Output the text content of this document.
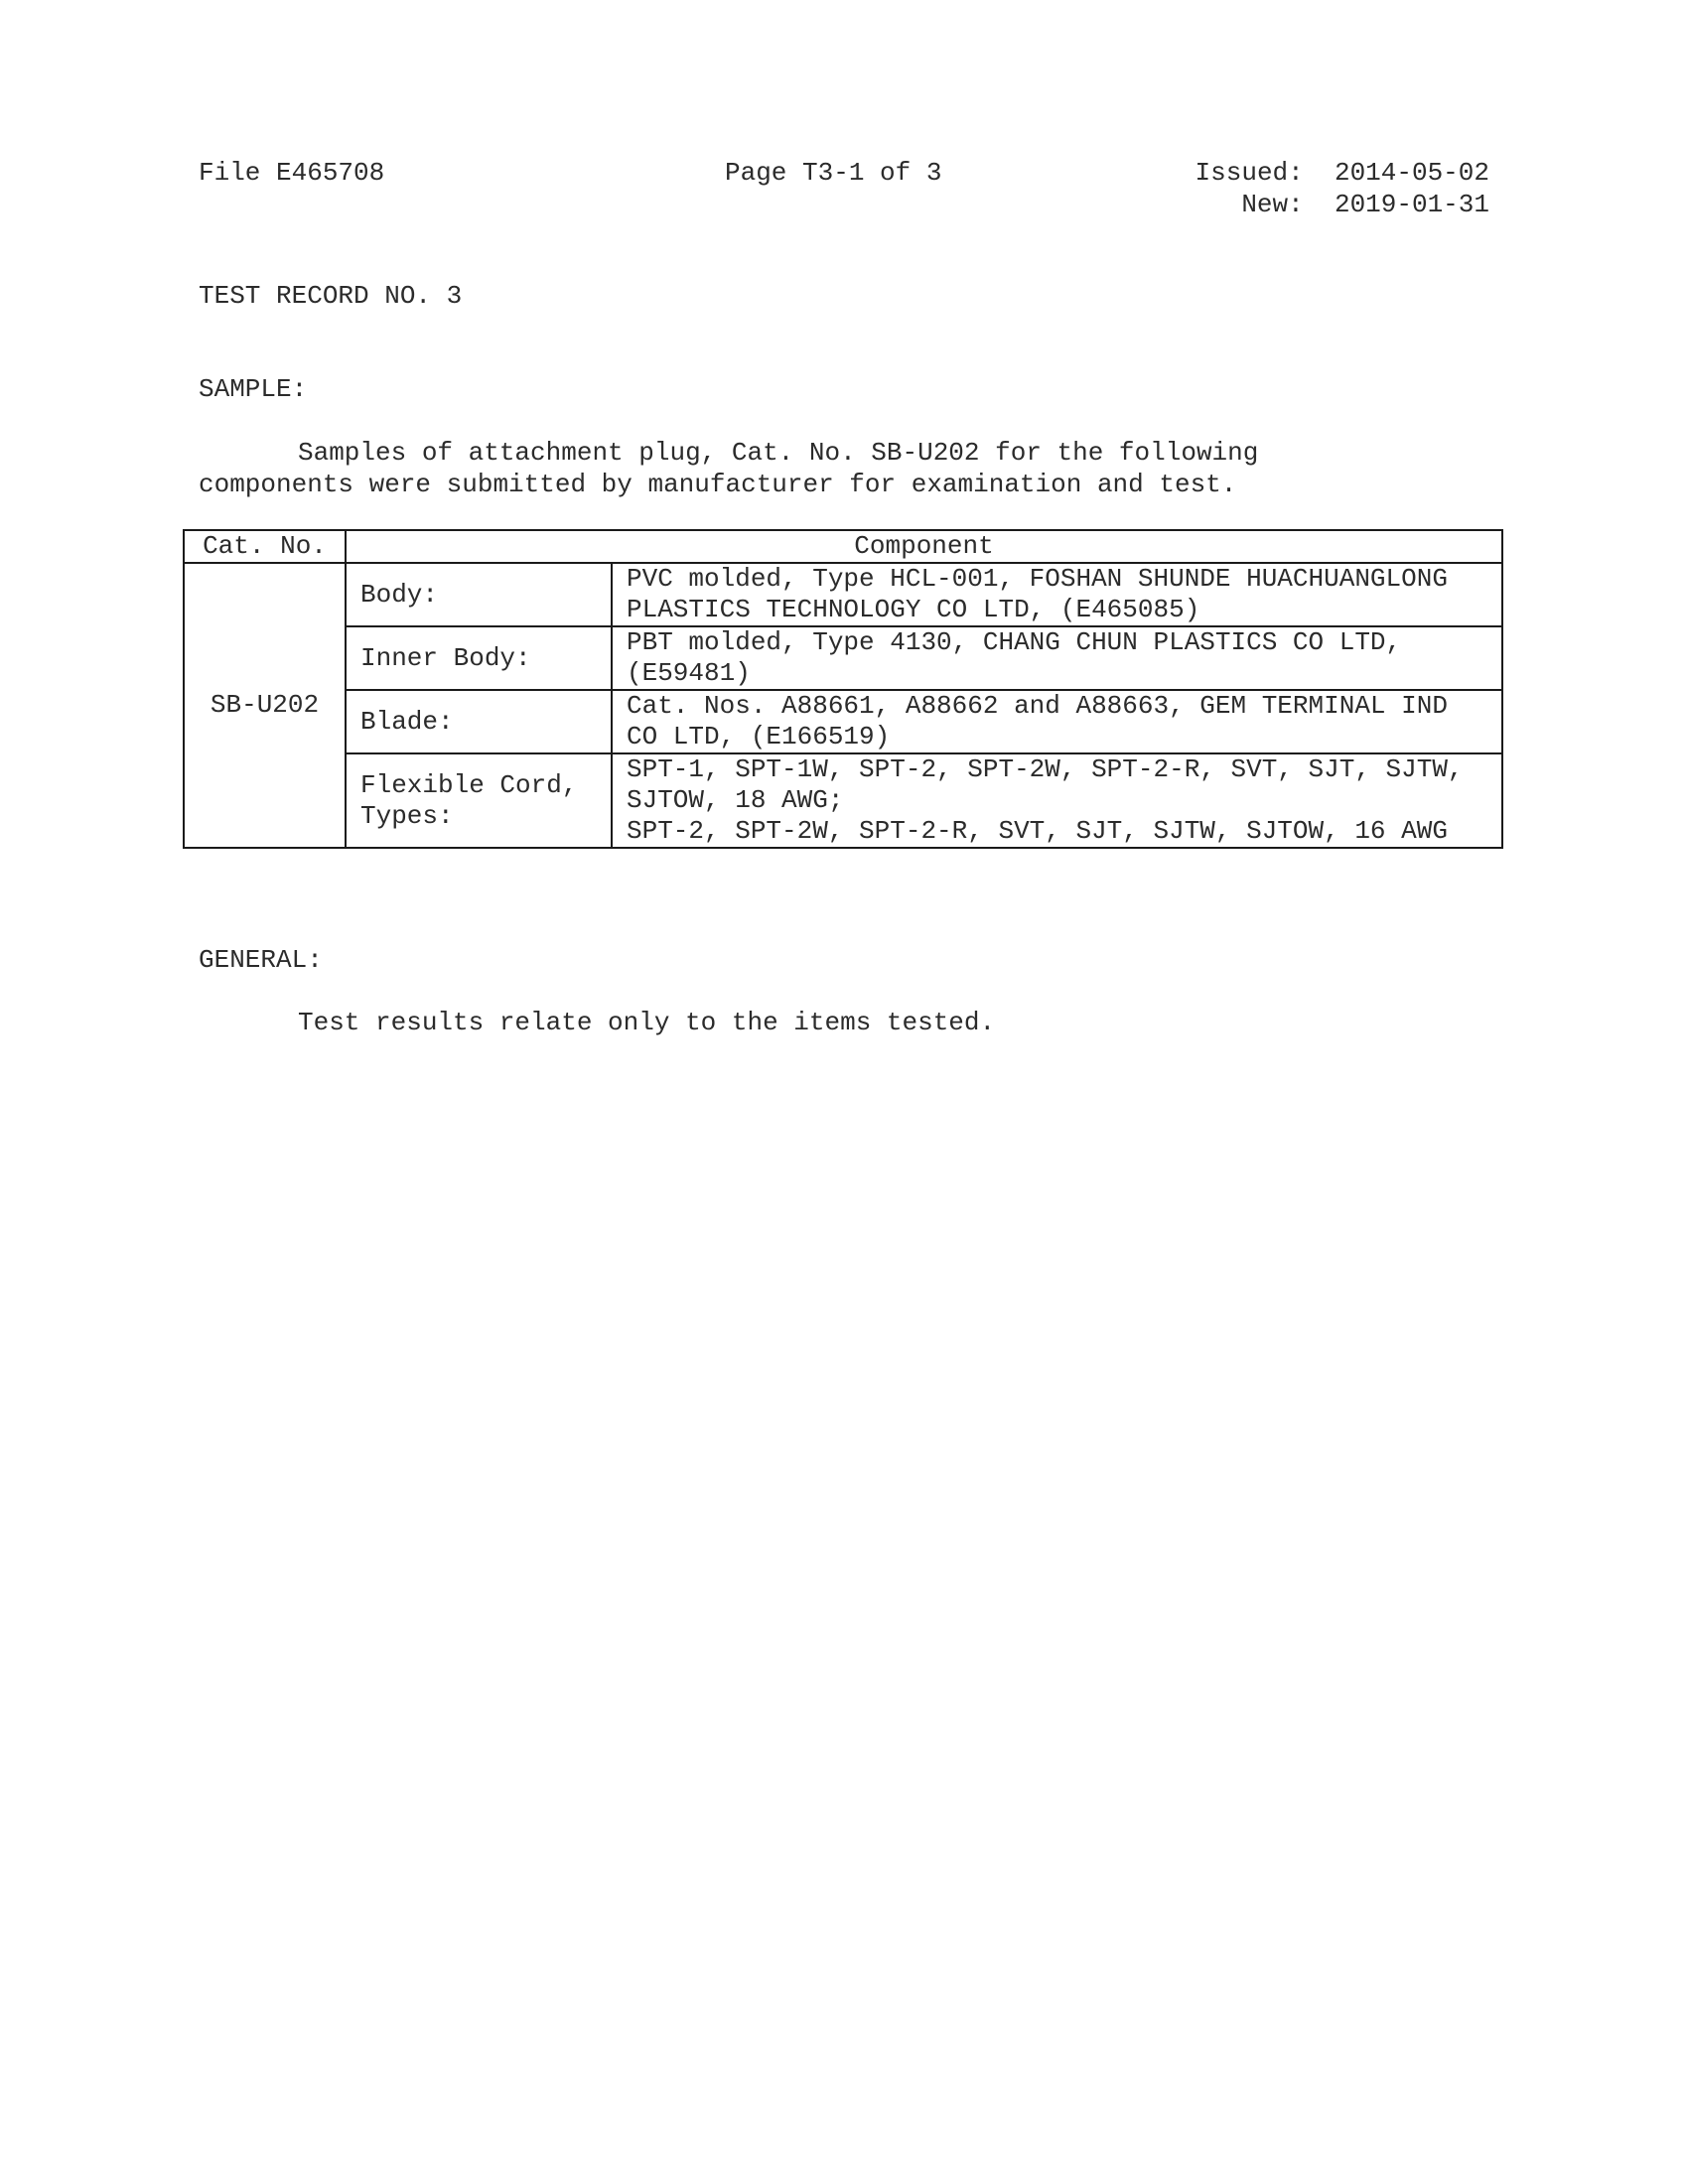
File E465708	Page T3-1 of 3	Issued: 2014-05-02
New: 2019-01-31
TEST RECORD NO. 3
SAMPLE:
Samples of attachment plug, Cat. No. SB-U202 for the following components were submitted by manufacturer for examination and test.
Cat. No.	Component	
SB-U202	Body:	PVC molded, Type HCL-001, FOSHAN SHUNDE HUACHUANGLONG PLASTICS TECHNOLOGY CO LTD, (E465085)
	Inner Body:	PBT molded, Type 4130, CHANG CHUN PLASTICS CO LTD, (E59481)
	Blade:	Cat. Nos. A88661, A88662 and A88663, GEM TERMINAL IND CO LTD, (E166519)
	Flexible Cord, Types:	SPT-1, SPT-1W, SPT-2, SPT-2W, SPT-2-R, SVT, SJT, SJTW, SJTOW, 18 AWG;
SPT-2, SPT-2W, SPT-2-R, SVT, SJT, SJTW, SJTOW, 16 AWG
GENERAL:
Test results relate only to the items tested.
